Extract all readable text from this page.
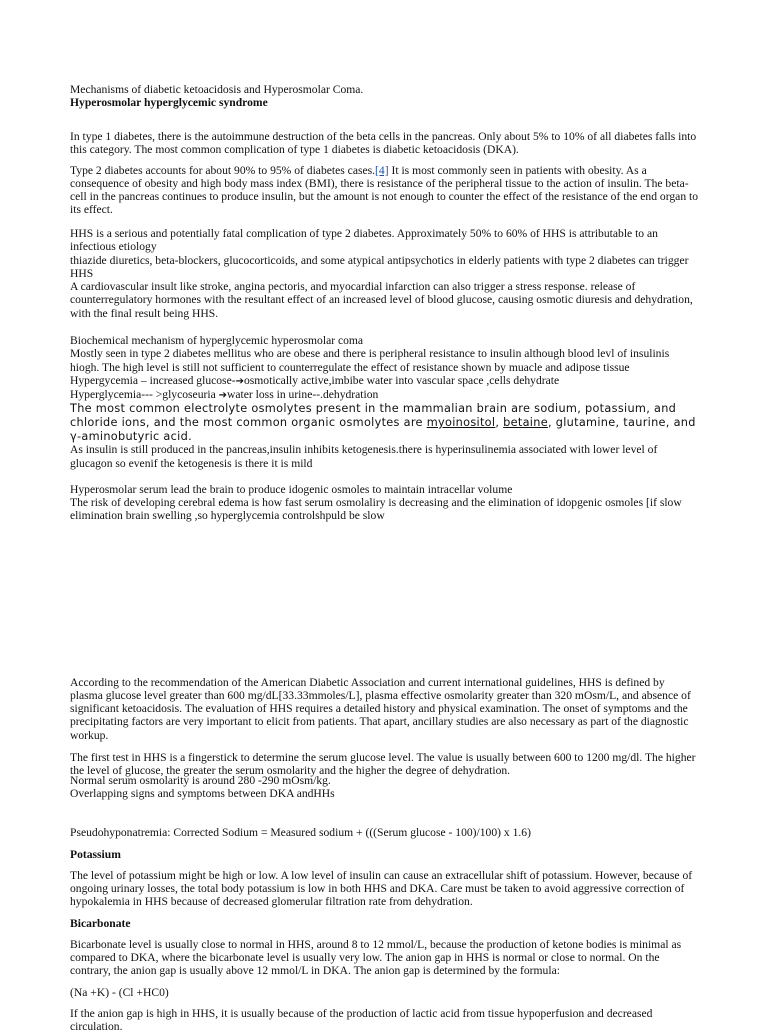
Mechanisms of diabetic ketoacidosis and Hyperosmolar Coma.
Hyperosmolar hyperglycemic syndrome

In type 1 diabetes, there is the autoimmune destruction of the beta cells in the pancreas. Only about 5% to 10% of all diabetes falls into this category. The most common complication of type 1 diabetes is diabetic ketoacidosis (DKA).

Type 2 diabetes accounts for about 90% to 95% of diabetes cases.[4] It is most commonly seen in patients with obesity. As a consequence of obesity and high body mass index (BMI), there is resistance of the peripheral tissue to the action of insulin. The beta-cell in the pancreas continues to produce insulin, but the amount is not enough to counter the effect of the resistance of the end organ to its effect.

HHS is a serious and potentially fatal complication of type 2 diabetes. Approximately 50% to 60% of HHS is attributable to an infectious etiology
thiazide diuretics, beta-blockers, glucocorticoids, and some atypical antipsychotics in elderly patients with type 2 diabetes can trigger HHS
A cardiovascular insult like stroke, angina pectoris, and myocardial infarction can also trigger a stress response. release of counterregulatory hormones with the resultant effect of an increased level of blood glucose, causing osmotic diuresis and dehydration, with the final result being HHS.
Biochemical mechanism of hyperglycemic hyperosmolar coma
Mostly seen in type 2 diabetes mellitus who are obese and there is peripheral resistance to insulin although blood levl of insulinis hiogh. The high level is still not sufficient to counterregulate the effect of resistance shown by muacle and adipose tissue
Hypergycemia – increased glucose-➔osmotically active,imbibe water into vascular space ,cells dehydrate
Hyperglycemia--- >glycoseuria ➔water loss in urine--.dehydration
The most common electrolyte osmolytes present in the mammalian brain are sodium, potassium, and chloride ions, and the most common organic osmolytes are myoinositol, betaine, glutamine, taurine, and γ-aminobutyric acid.
As insulin is still produced in the pancreas,insulin inhibits ketogenesis.there is hyperinsulinemia associated with lower level of glucagon so evenif the ketogenesis is there it is mild
Hyperosmolar serum lead the brain to produce idogenic osmoles to maintain intracellar volume
The risk of developing cerebral edema is how fast serum osmolaliry is decreasing and the elimination of idopgenic osmoles [if slow elimination brain swelling ,so hyperglycemia controlshpuld be slow

According to the recommendation of the American Diabetic Association and current international guidelines, HHS is defined by plasma glucose level greater than 600 mg/dL[33.33mmoles/L], plasma effective osmolarity greater than 320 mOsm/L, and absence of significant ketoacidosis. The evaluation of HHS requires a detailed history and physical examination. The onset of symptoms and the precipitating factors are very important to elicit from patients. That apart, ancillary studies are also necessary as part of the diagnostic workup.

The first test in HHS is a fingerstick to determine the serum glucose level. The value is usually between 600 to 1200 mg/dl. The higher the level of glucose, the greater the serum osmolarity and the higher the degree of dehydration.

Normal serum osmolarity is around 280 -290 mOsm/kg.
Overlapping signs and symptoms between DKA andHHs

Pseudohyponatremia: Corrected Sodium = Measured sodium + (((Serum glucose - 100)/100) x 1.6)

Potassium

The level of potassium might be high or low. A low level of insulin can cause an extracellular shift of potassium. However, because of ongoing urinary losses, the total body potassium is low in both HHS and DKA. Care must be taken to avoid aggressive correction of hypokalemia in HHS because of decreased glomerular filtration rate from dehydration.

Bicarbonate

Bicarbonate level is usually close to normal in HHS, around 8 to 12 mmol/L, because the production of ketone bodies is minimal as compared to DKA, where the bicarbonate level is usually very low. The anion gap in HHS is normal or close to normal. On the contrary, the anion gap is usually above 12 mmol/L in DKA. The anion gap is determined by the formula:

(Na +K) - (Cl +HC0)

If the anion gap is high in HHS, it is usually because of the production of lactic acid from tissue hypoperfusion and decreased circulation.
